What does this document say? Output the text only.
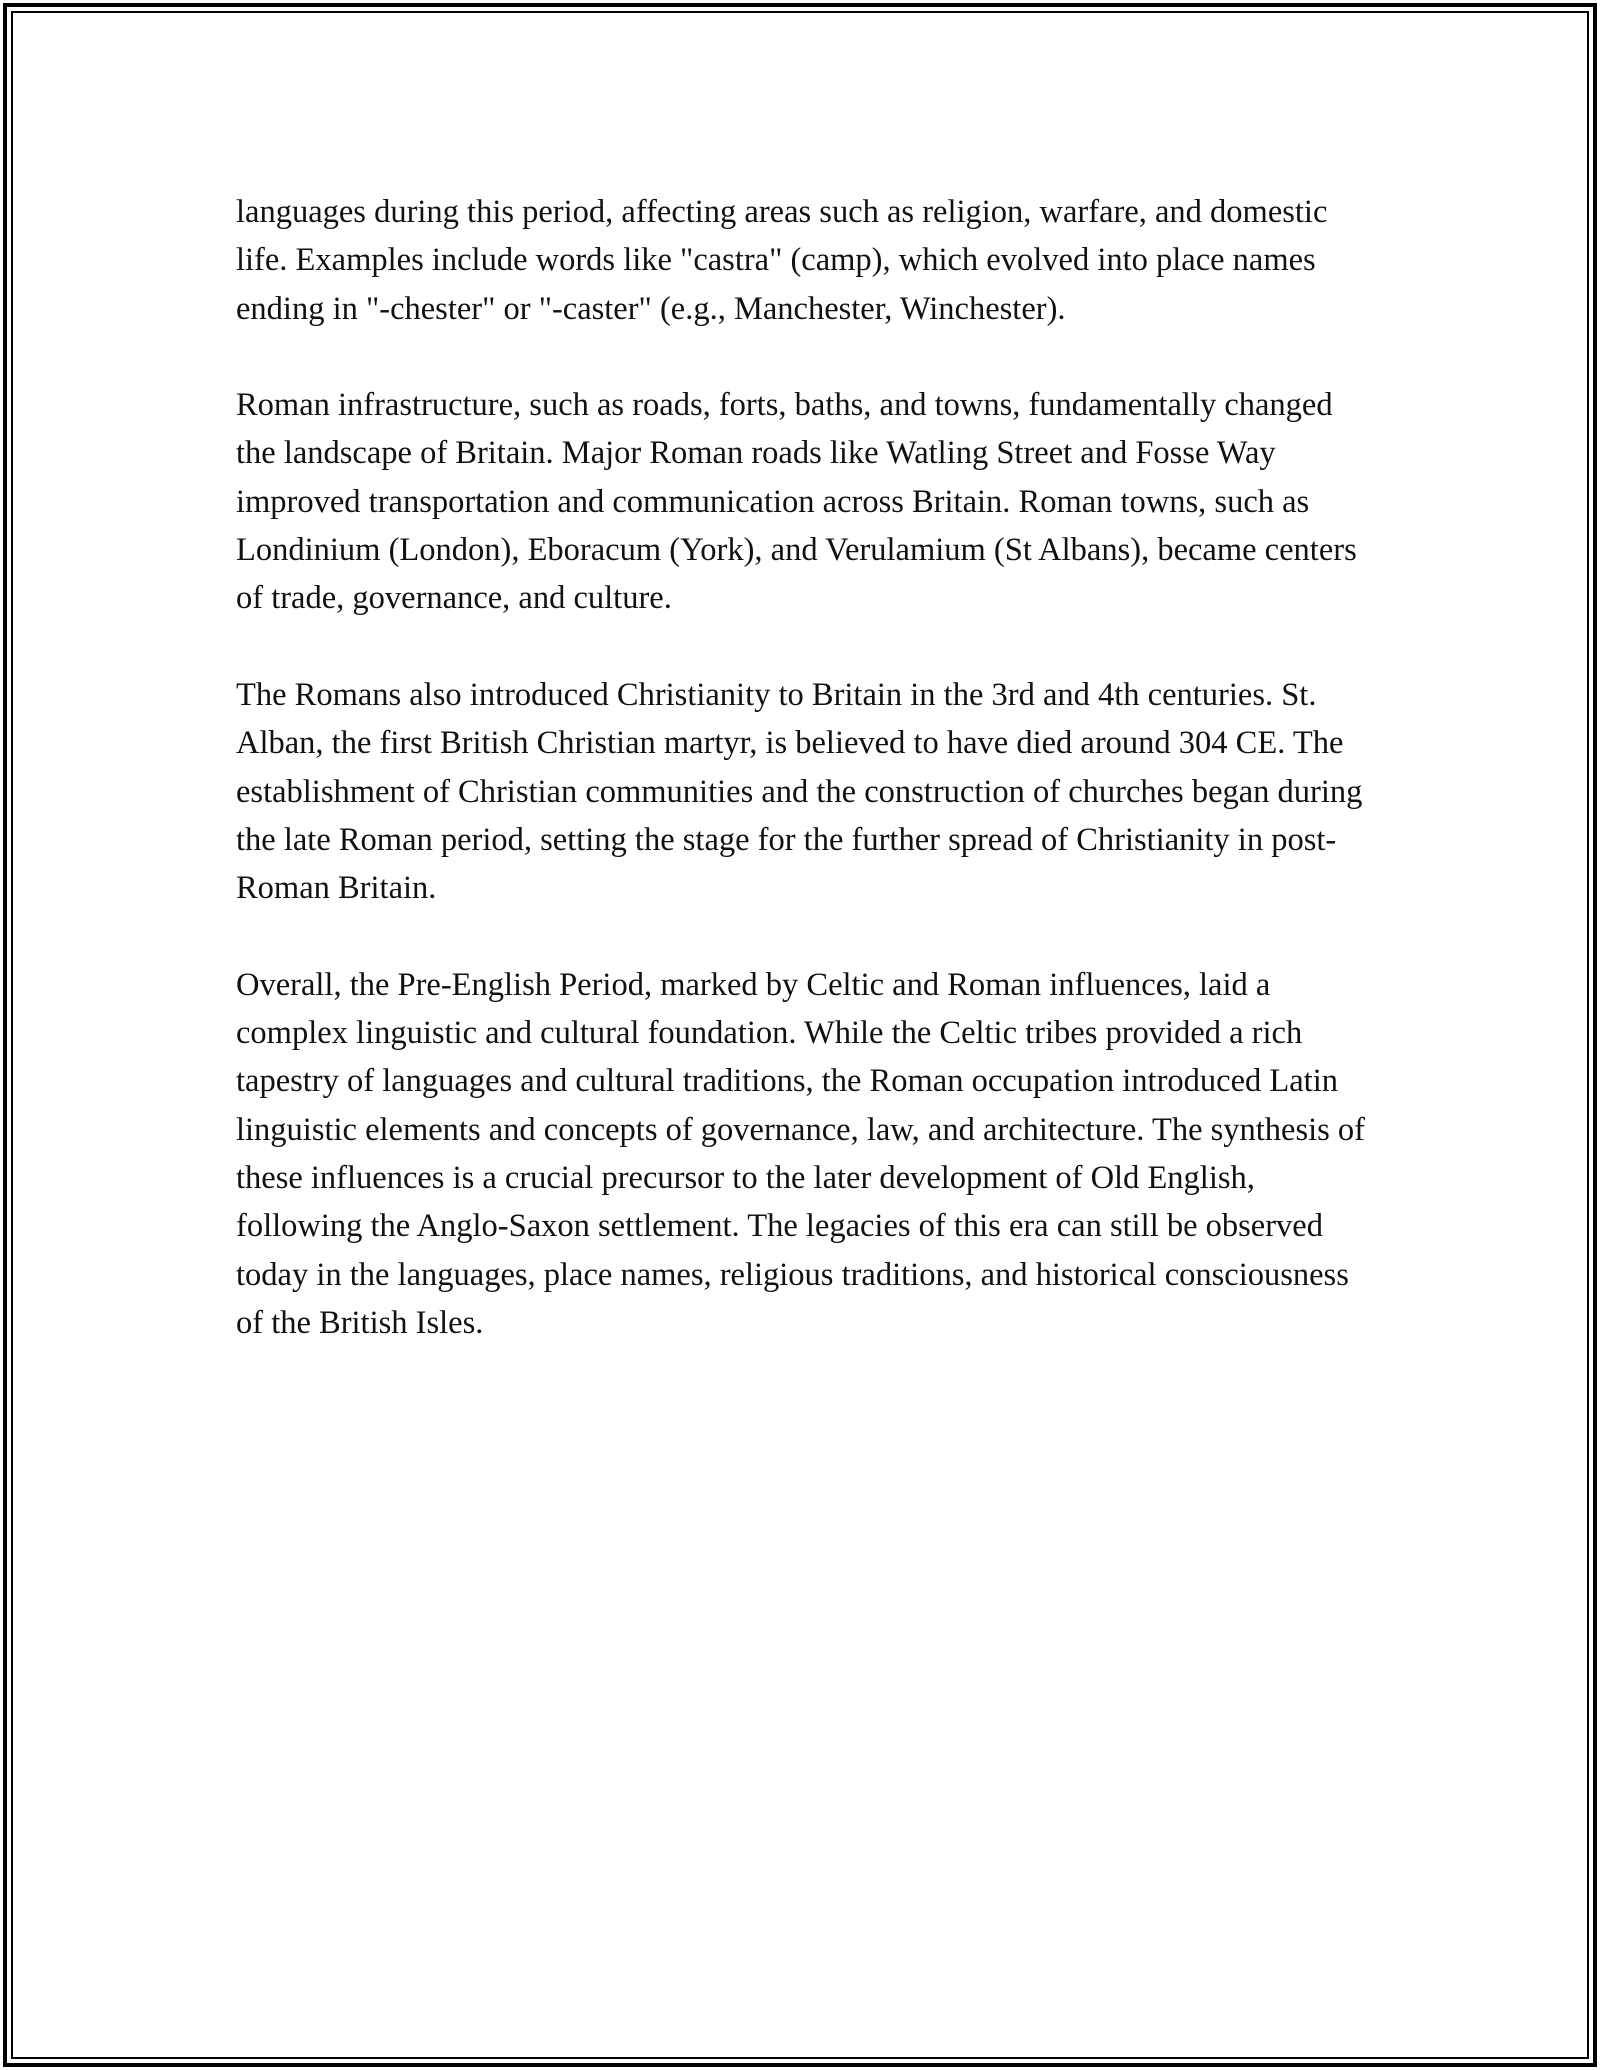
languages during this period, affecting areas such as religion, warfare, and domestic life. Examples include words like "castra" (camp), which evolved into place names ending in "-chester" or "-caster" (e.g., Manchester, Winchester).

Roman infrastructure, such as roads, forts, baths, and towns, fundamentally changed the landscape of Britain. Major Roman roads like Watling Street and Fosse Way improved transportation and communication across Britain. Roman towns, such as Londinium (London), Eboracum (York), and Verulamium (St Albans), became centers of trade, governance, and culture.

The Romans also introduced Christianity to Britain in the 3rd and 4th centuries. St. Alban, the first British Christian martyr, is believed to have died around 304 CE. The establishment of Christian communities and the construction of churches began during the late Roman period, setting the stage for the further spread of Christianity in post-Roman Britain.

Overall, the Pre-English Period, marked by Celtic and Roman influences, laid a complex linguistic and cultural foundation. While the Celtic tribes provided a rich tapestry of languages and cultural traditions, the Roman occupation introduced Latin linguistic elements and concepts of governance, law, and architecture. The synthesis of these influences is a crucial precursor to the later development of Old English, following the Anglo-Saxon settlement. The legacies of this era can still be observed today in the languages, place names, religious traditions, and historical consciousness of the British Isles.
